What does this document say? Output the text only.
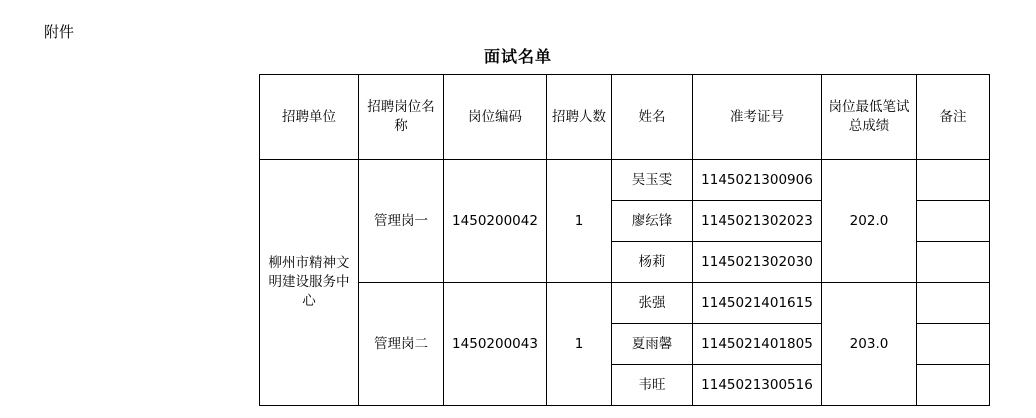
附件
面试名单
招聘单位	招聘岗位名称	岗位编码	招聘人数	姓名	准考证号	岗位最低笔试总成绩	备注
柳州市精神文明建设服务中心	管理岗一	1450200042	1	吴玉雯	1145021300906	202.0	
				廖纭锋	1145021302023		
				杨莉	1145021302030		
	管理岗二	1450200043	1	张强	1145021401615	203.0	
				夏雨馨	1145021401805		
				韦旺	1145021300516		
